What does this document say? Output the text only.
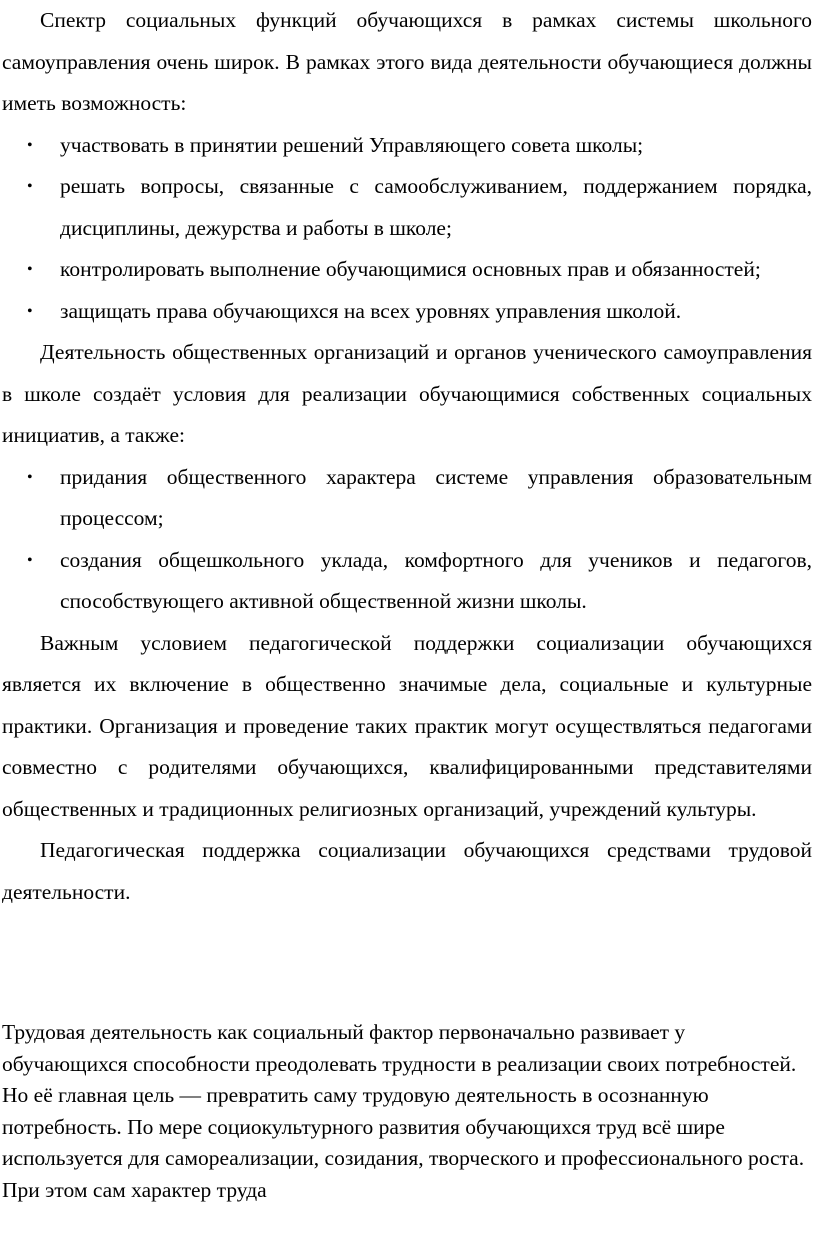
Спектр социальных функций обучающихся в рамках системы школьного самоуправления очень широк. В рамках этого вида деятельности обучающиеся должны иметь возможность:

• участвовать в принятии решений Управляющего совета школы;
• решать вопросы, связанные с самообслуживанием, поддержанием порядка, дисциплины, дежурства и работы в школе;
• контролировать выполнение обучающимися основных прав и обязанностей;
• защищать права обучающихся на всех уровнях управления школой.

Деятельность общественных организаций и органов ученического самоуправления в школе создаёт условия для реализации обучающимися собственных социальных инициатив, а также:

• придания общественного характера системе управления образовательным процессом;
• создания общешкольного уклада, комфортного для учеников и педагогов, способствующего активной общественной жизни школы.

Важным условием педагогической поддержки социализации обучающихся является их включение в общественно значимые дела, социальные и культурные практики. Организация и проведение таких практик могут осуществляться педагогами совместно с родителями обучающихся, квалифицированными представителями общественных и традиционных религиозных организаций, учреждений культуры.

Педагогическая поддержка социализации обучающихся средствами трудовой деятельности.

Трудовая деятельность как социальный фактор первоначально развивает у обучающихся способности преодолевать трудности в реализации своих потребностей. Но её главная цель — превратить саму трудовую деятельность в осознанную потребность. По мере социокультурного развития обучающихся труд всё шире используется для самореализации, созидания, творческого и профессионального роста. При этом сам характер труда
